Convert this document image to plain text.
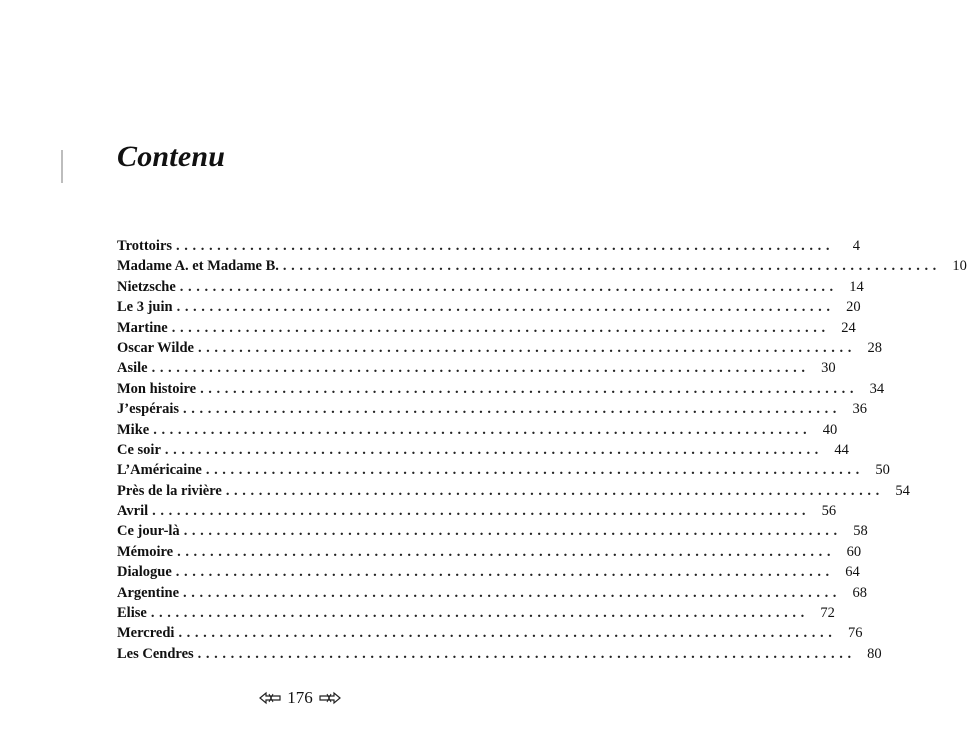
Contenu
Trottoirs ................................................................................	4
Madame A. et Madame B. ................................................................................ 10
Nietzsche ................................................................................ 14
Le 3 juin ................................................................................ 20
Martine ................................................................................ 24
Oscar Wilde ................................................................................ 28
Asile ................................................................................ 30
Mon histoire ................................................................................ 34
J’espérais ................................................................................ 36
Mike ................................................................................ 40
Ce soir ................................................................................ 44
L’Américaine ................................................................................ 50
Près de la rivière ................................................................................ 54
Avril ................................................................................ 56
Ce jour-là ................................................................................ 58
Mémoire ................................................................................ 60
Dialogue ................................................................................ 64
Argentine ................................................................................ 68
Elise ................................................................................ 72
Mercredi ................................................................................ 76
Les Cendres ................................................................................ 80
176
